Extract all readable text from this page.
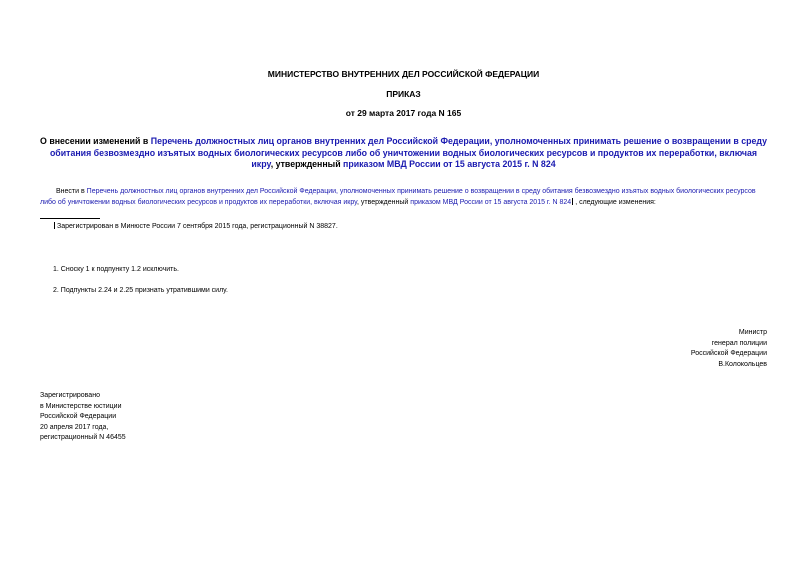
МИНИСТЕРСТВО ВНУТРЕННИХ ДЕЛ РОССИЙСКОЙ ФЕДЕРАЦИИ
ПРИКАЗ
от 29 марта 2017 года N 165
О внесении изменений в Перечень должностных лиц органов внутренних дел Российской Федерации, уполномоченных принимать решение о возвращении в среду обитания безвозмездно изъятых водных биологических ресурсов либо об уничтожении водных биологических ресурсов и продуктов их переработки, включая икру, утвержденный приказом МВД России от 15 августа 2015 г. N 824
Внести в Перечень должностных лиц органов внутренних дел Российской Федерации, уполномоченных принимать решение о возвращении в среду обитания безвозмездно изъятых водных биологических ресурсов либо об уничтожении водных биологических ресурсов и продуктов их переработки, включая икру, утвержденный приказом МВД России от 15 августа 2015 г. N 824 , следующие изменения:
Зарегистрирован в Минюсте России 7 сентября 2015 года, регистрационный N 38827.
1. Сноску 1 к подпункту 1.2 исключить.
2. Подпункты 2.24 и 2.25 признать утратившими силу.
Министр
генерал полиции
Российской Федерации
В.Колокольцев
Зарегистрировано
в Министерстве юстиции
Российской Федерации
20 апреля 2017 года,
регистрационный N 46455
